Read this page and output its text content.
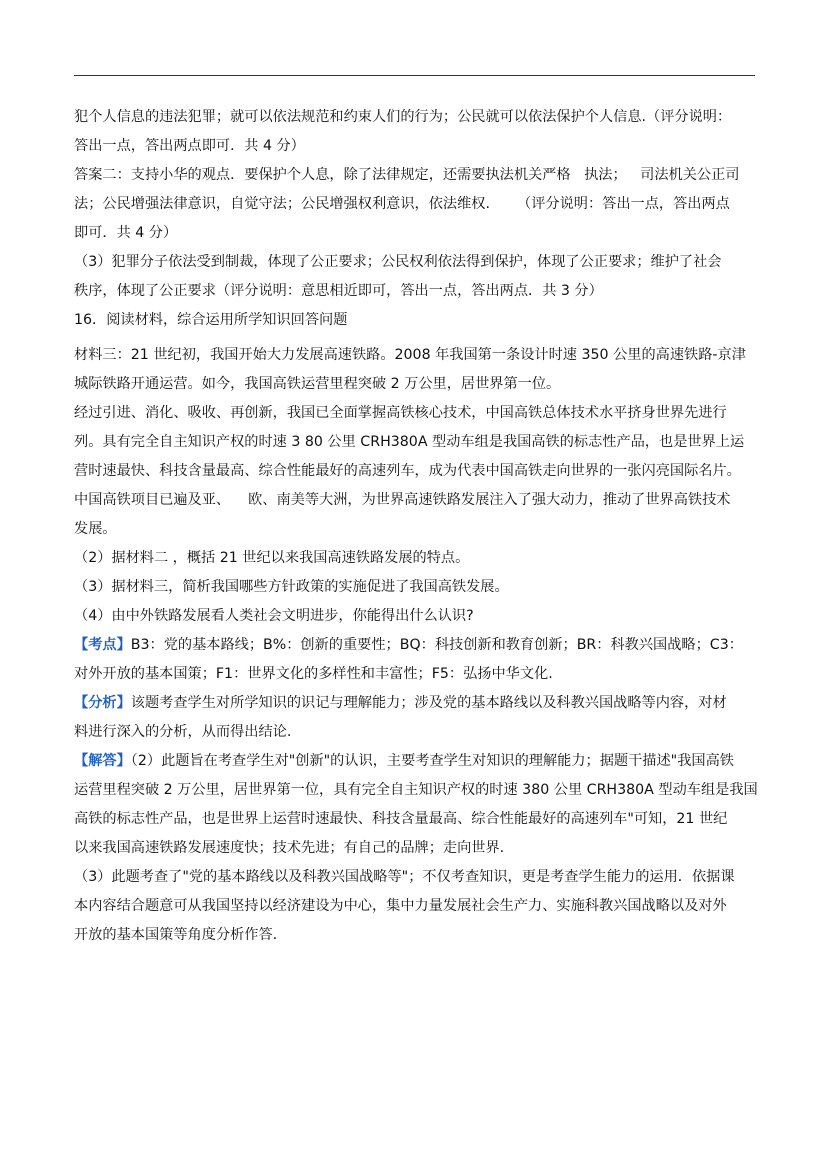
犯个人信息的违法犯罪；就可以依法规范和约束人们的行为；公民就可以依法保护个人信息.（评分说明：
答出一点，答出两点即可．共 4 分）
答案二：支持小华的观点．要保护个人息，除了法律规定，还需要执法机关严格   执法；   司法机关公正司
法；公民增强法律意识，自觉守法；公民增强权利意识，依法维权.      （评分说明：答出一点，答出两点
即可．共 4 分）
（3）犯罪分子依法受到制裁，体现了公正要求；公民权利依法得到保护，体现了公正要求；维护了社会
秩序，体现了公正要求（评分说明：意思相近即可，答出一点，答出两点．共 3 分）
16．阅读材料，综合运用所学知识回答问题
材料三：21 世纪初，我国开始大力发展高速铁路。2008 年我国第一条设计时速 350 公里的高速铁路-京津
城际铁路开通运营。如今，我国高铁运营里程突破 2 万公里，居世界第一位。
经过引进、消化、吸收、再创新，我国已全面掌握高铁核心技术，中国高铁总体技术水平挤身世界先进行
列。具有完全自主知识产权的时速 3 80 公里 CRH380A 型动车组是我国高铁的标志性产品，也是世界上运
营时速最快、科技含量最高、综合性能最好的高速列车，成为代表中国高铁走向世界的一张闪亮国际名片。
中国高铁项目已遍及亚、    欧、南美等大洲，为世界高速铁路发展注入了强大动力，推动了世界高铁技术
发展。
（2）据材料二 ，概括 21 世纪以来我国高速铁路发展的特点。
（3）据材料三，简析我国哪些方针政策的实施促进了我国高铁发展。
（4）由中外铁路发展看人类社会文明进步，你能得出什么认识?
【考点】B3：党的基本路线；B%：创新的重要性；BQ：科技创新和教育创新；BR：科教兴国战略；C3：
对外开放的基本国策；F1：世界文化的多样性和丰富性；F5：弘扬中华文化.
【分析】该题考查学生对所学知识的识记与理解能力；涉及党的基本路线以及科教兴国战略等内容，对材
料进行深入的分析，从而得出结论.
【解答】（2）此题旨在考查学生对"创新"的认识，主要考查学生对知识的理解能力；据题干描述"我国高铁
运营里程突破 2 万公里，居世界第一位，具有完全自主知识产权的时速 380 公里 CRH380A 型动车组是我国
高铁的标志性产品，也是世界上运营时速最快、科技含量最高、综合性能最好的高速列车"可知，21 世纪
以来我国高速铁路发展速度快；技术先进；有自己的品牌；走向世界.
（3）此题考查了"党的基本路线以及科教兴国战略等"；不仅考查知识，更是考查学生能力的运用．依据课
本内容结合题意可从我国坚持以经济建设为中心，集中力量发展社会生产力、实施科教兴国战略以及对外
开放的基本国策等角度分析作答.
